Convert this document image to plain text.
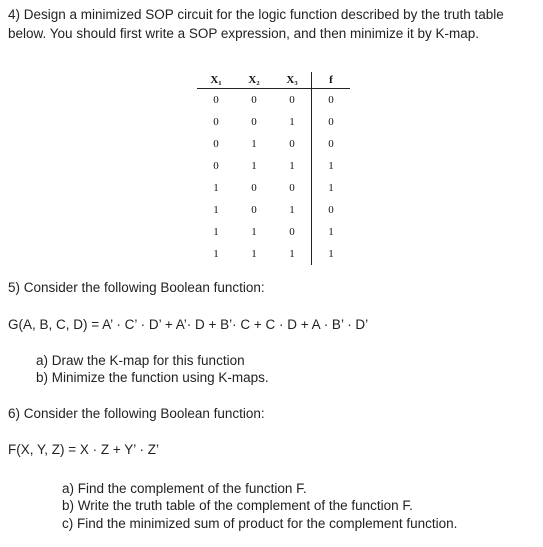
4) Design a minimized SOP circuit for the logic function described by the truth table
below. You should first write a SOP expression, and then minimize it by K-map.
X₁	X₂	X₃	f
0	0	0	0
0	0	1	0
0	1	0	0
0	1	1	1
1	0	0	1
1	0	1	0
1	1	0	1
1	1	1	1
5) Consider the following Boolean function:
G(A, B, C, D) = A’ · C’ · D’ + A’· D + B’· C + C · D + A · B’ · D’
a) Draw the K-map for this function
b) Minimize the function using K-maps.
6) Consider the following Boolean function:
F(X, Y, Z) = X · Z + Y’ · Z’
a) Find the complement of the function F.
b) Write the truth table of the complement of the function F.
c) Find the minimized sum of product for the complement function.
